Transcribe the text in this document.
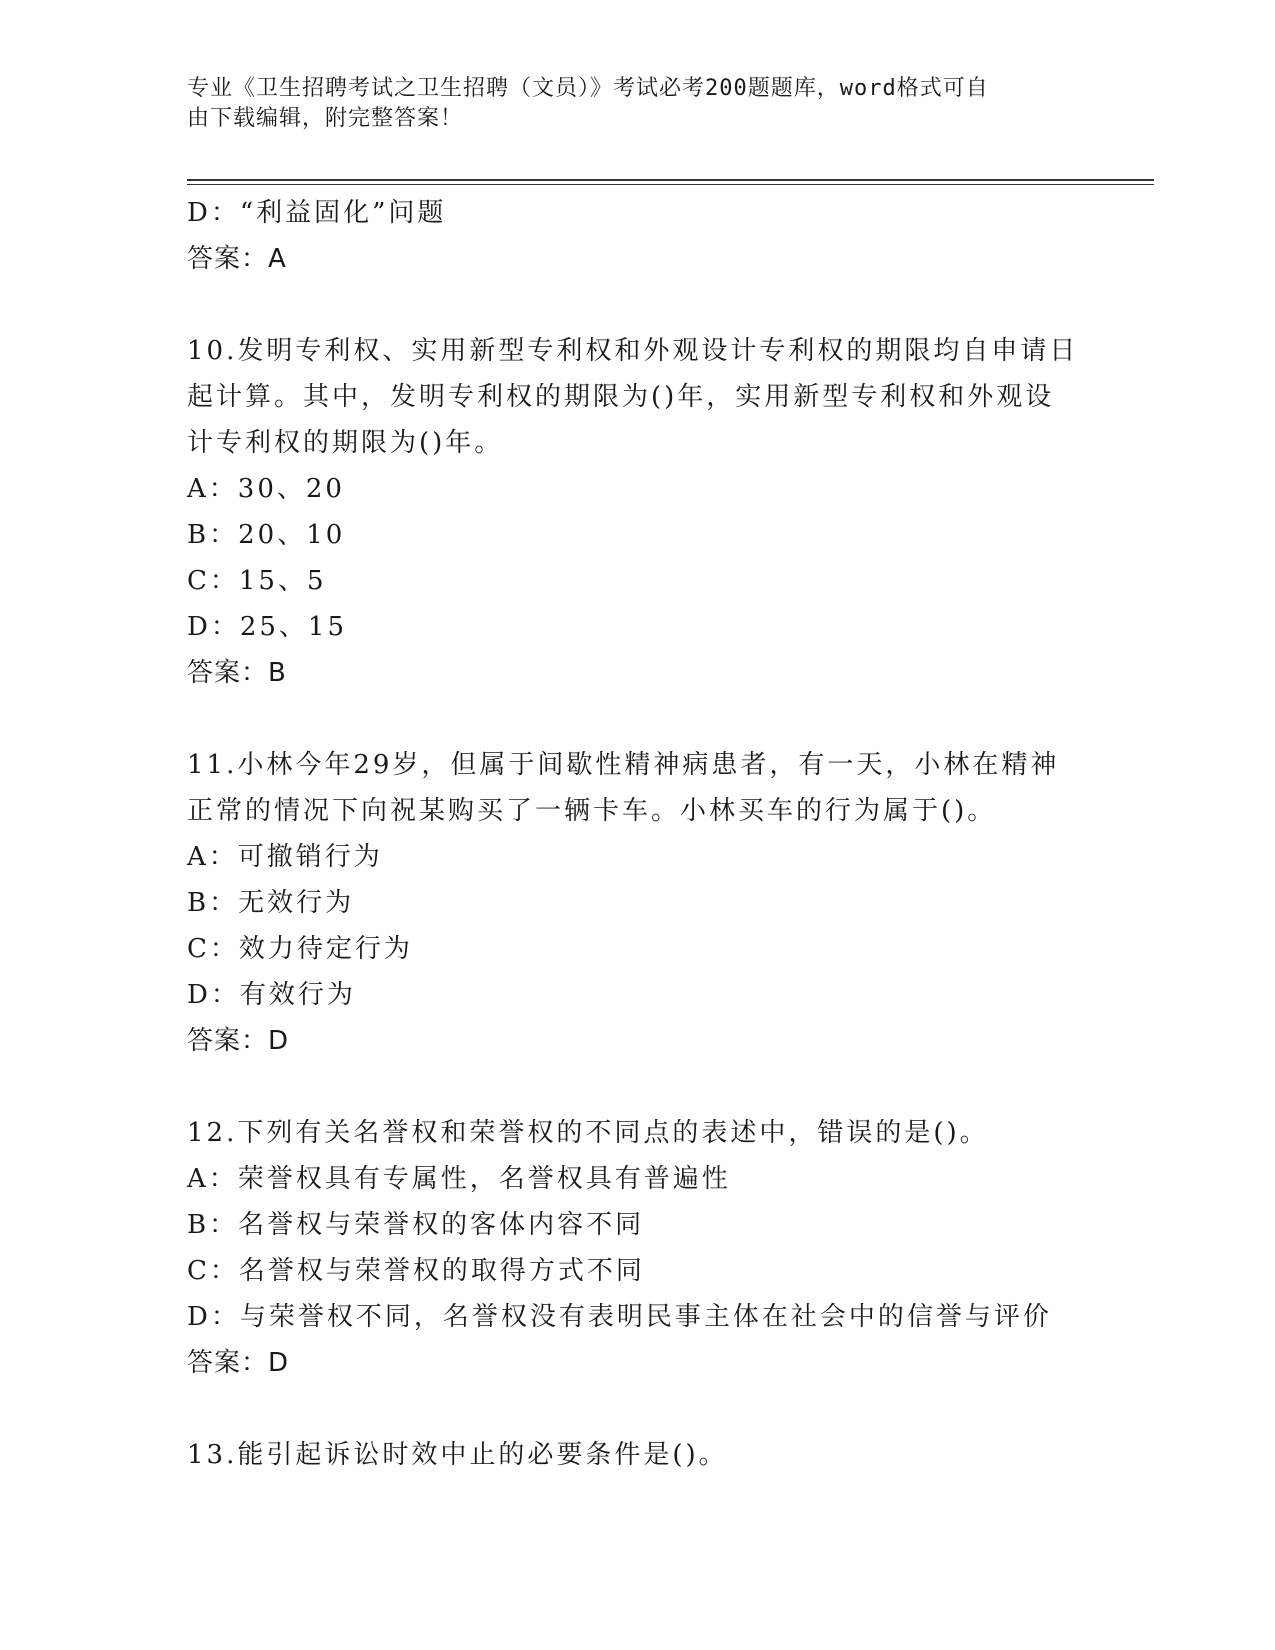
专业《卫生招聘考试之卫生招聘（文员）》考试必考200题题库，word格式可自
由下载编辑，附完整答案！
D：“利益固化”问题
答案：A
10.发明专利权、实用新型专利权和外观设计专利权的期限均自申请日
起计算。其中，发明专利权的期限为()年，实用新型专利权和外观设
计专利权的期限为()年。
A：30、20
B：20、10
C：15、5
D：25、15
答案：B
11.小林今年29岁，但属于间歇性精神病患者，有一天，小林在精神
正常的情况下向祝某购买了一辆卡车。小林买车的行为属于()。
A：可撤销行为
B：无效行为
C：效力待定行为
D：有效行为
答案：D
12.下列有关名誉权和荣誉权的不同点的表述中，错误的是()。
A：荣誉权具有专属性，名誉权具有普遍性
B：名誉权与荣誉权的客体内容不同
C：名誉权与荣誉权的取得方式不同
D：与荣誉权不同，名誉权没有表明民事主体在社会中的信誉与评价
答案：D
13.能引起诉讼时效中止的必要条件是()。
